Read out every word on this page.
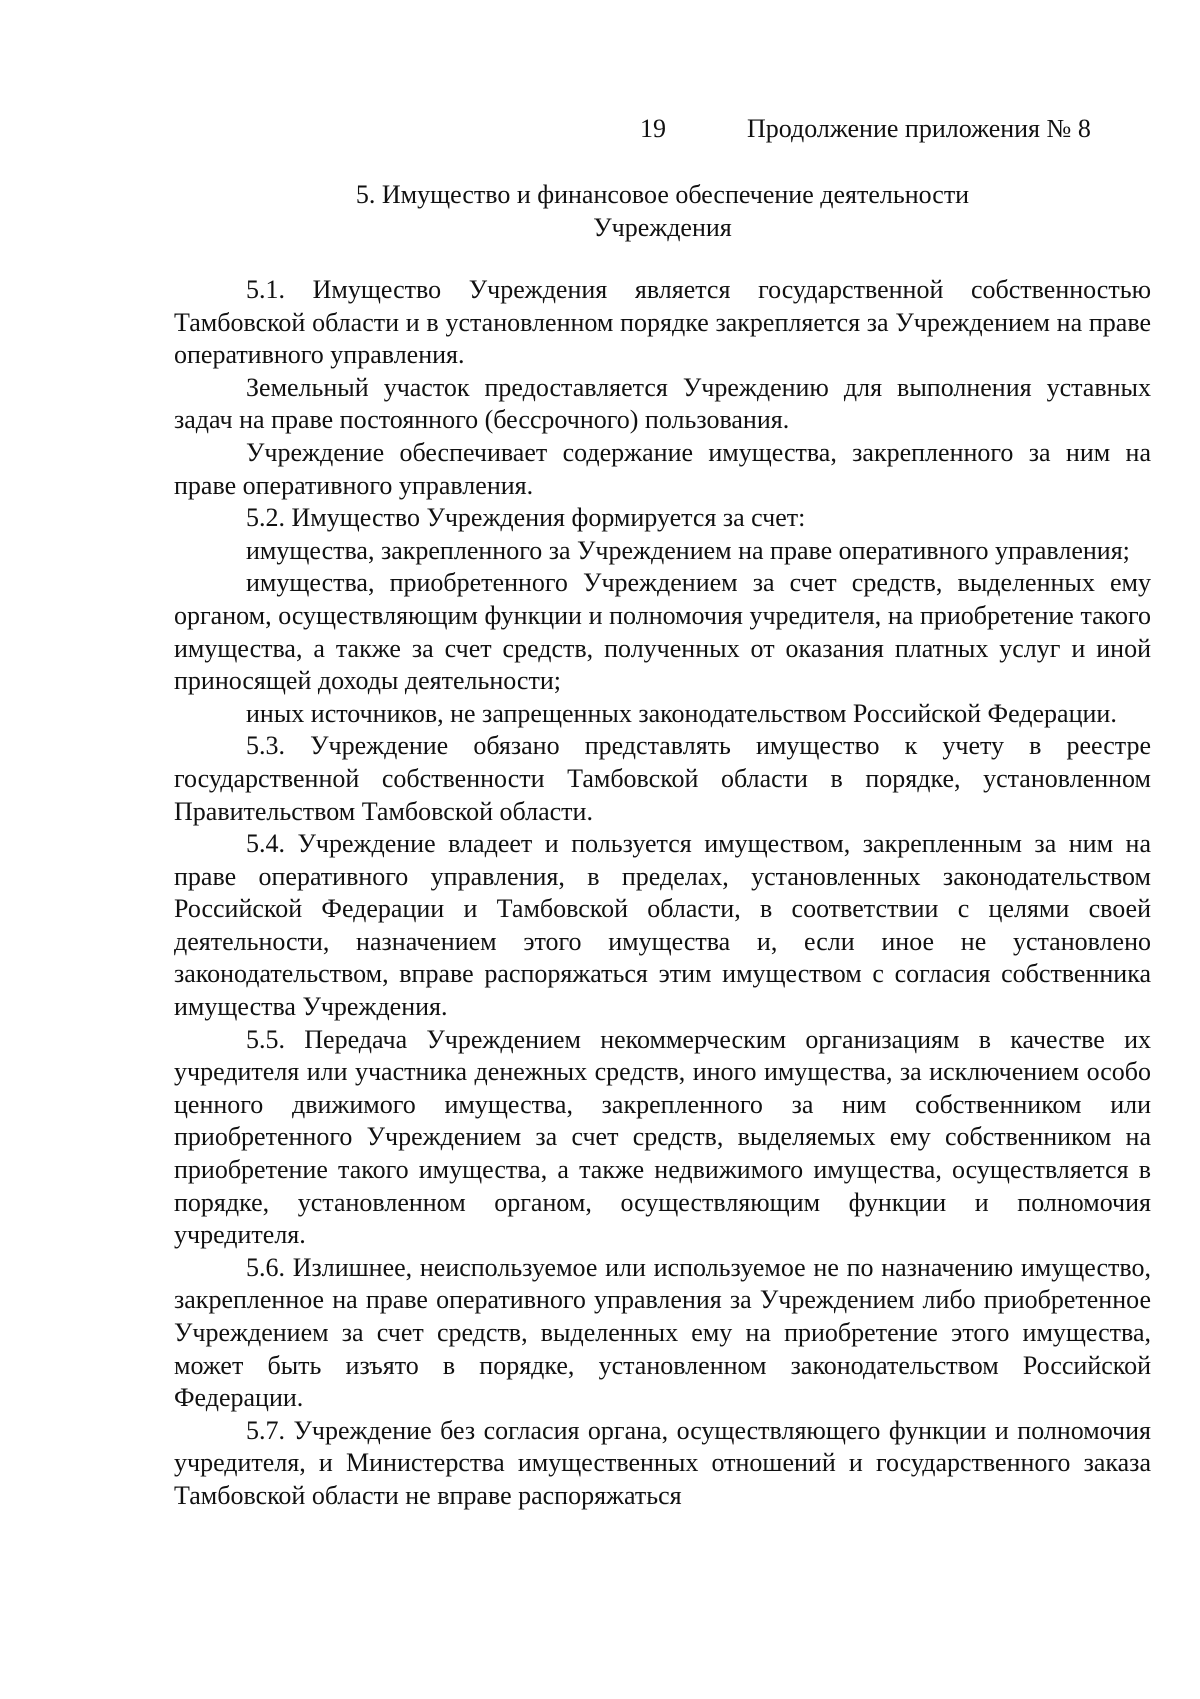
19	Продолжение приложения № 8
5. Имущество и финансовое обеспечение деятельности
Учреждения

5.1. Имущество Учреждения является государственной собственностью Тамбовской области и в установленном порядке закрепляется за Учреждением на праве оперативного управления.

Земельный участок предоставляется Учреждению для выполнения уставных задач на праве постоянного (бессрочного) пользования.

Учреждение обеспечивает содержание имущества, закрепленного за ним на праве оперативного управления.

5.2. Имущество Учреждения формируется за счет:

имущества, закрепленного за Учреждением на праве оперативного управления;

имущества, приобретенного Учреждением за счет средств, выделенных ему органом, осуществляющим функции и полномочия учредителя, на приобретение такого имущества, а также за счет средств, полученных от оказания платных услуг и иной приносящей доходы деятельности;

иных источников, не запрещенных законодательством Российской Федерации.

5.3. Учреждение обязано представлять имущество к учету в реестре государственной собственности Тамбовской области в порядке, установленном Правительством Тамбовской области.

5.4. Учреждение владеет и пользуется имуществом, закрепленным за ним на праве оперативного управления, в пределах, установленных законодательством Российской Федерации и Тамбовской области, в соответствии с целями своей деятельности, назначением этого имущества и, если иное не установлено законодательством, вправе распоряжаться этим имуществом с согласия собственника имущества Учреждения.

5.5. Передача Учреждением некоммерческим организациям в качестве их учредителя или участника денежных средств, иного имущества, за исключением особо ценного движимого имущества, закрепленного за ним собственником или приобретенного Учреждением за счет средств, выделяемых ему собственником на приобретение такого имущества, а также недвижимого имущества, осуществляется в порядке, установленном органом, осуществляющим функции и полномочия учредителя.

5.6. Излишнее, неиспользуемое или используемое не по назначению имущество, закрепленное на праве оперативного управления за Учреждением либо приобретенное Учреждением за счет средств, выделенных ему на приобретение этого имущества, может быть изъято в порядке, установленном законодательством Российской Федерации.

5.7. Учреждение без согласия органа, осуществляющего функции и полномочия учредителя, и Министерства имущественных отношений и государственного заказа Тамбовской области не вправе распоряжаться
